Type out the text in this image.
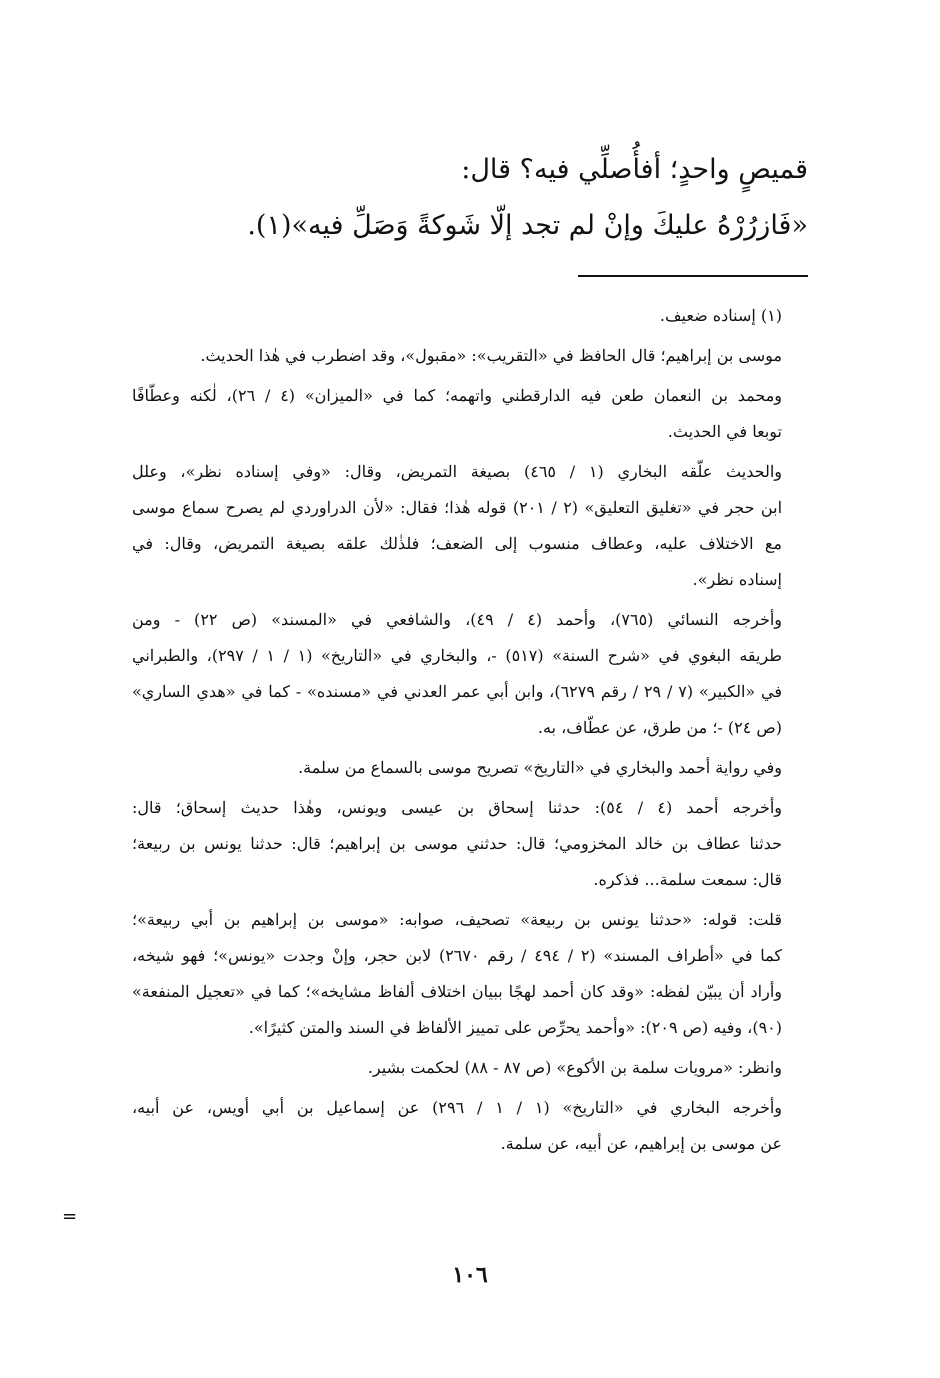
قميصٍ واحدٍ؛ أفأُصلِّي فيه؟ قال:

«فَازرُرْهُ عليكَ وإنْ لم تجد إلّا شَوكةً وَصَلِّ فيه»(١).

(١) إسناده ضعيف.

موسى بن إبراهيم؛ قال الحافظ في «التقريب»: «مقبول»، وقد اضطرب في هٰذا الحديث.

ومحمد بن النعمان طعن فيه الدارقطني واتهمه؛ كما في «الميزان» (٤ / ٢٦)، لٰكنه وعطّافًا
توبعا في الحديث.

والحديث علّقه البخاري (١ / ٤٦٥) بصيغة التمريض، وقال: «وفي إسناده نظر»، وعلل
ابن حجر في «تغليق التعليق» (٢ / ٢٠١) قوله هٰذا؛ فقال: «لأن الدراوردي لم يصرح سماع موسى
مع الاختلاف عليه، وعطاف منسوب إلى الضعف؛ فلذٰلك علقه بصيغة التمريض، وقال: في
إسناده نظر».

وأخرجه النسائي (٧٦٥)، وأحمد (٤ / ٤٩)، والشافعي في «المسند» (ص ٢٢) - ومن
طريقه البغوي في «شرح السنة» (٥١٧) -، والبخاري في «التاريخ» (١ / ١ / ٢٩٧)، والطبراني
في «الكبير» (٧ / ٢٩ / رقم ٦٢٧٩)، وابن أبي عمر العدني في «مسنده» - كما في «هدي الساري»
(ص ٢٤) -؛ من طرق، عن عطّاف، به.

وفي رواية أحمد والبخاري في «التاريخ» تصريح موسى بالسماع من سلمة.

وأخرجه أحمد (٤ / ٥٤): حدثنا إسحاق بن عيسى ويونس، وهٰذا حديث إسحاق؛ قال:
حدثنا عطاف بن خالد المخزومي؛ قال: حدثني موسى بن إبراهيم؛ قال: حدثنا يونس بن ربيعة؛
قال: سمعت سلمة... فذكره.

قلت: قوله: «حدثنا يونس بن ربيعة» تصحيف، صوابه: «موسى بن إبراهيم بن أبي ربيعة»؛
كما في «أطراف المسند» (٢ / ٤٩٤ / رقم ٢٦٧٠) لابن حجر، وإنْ وجدت «يونس»؛ فهو شيخه،
وأراد أن يبيّن لفظه: «وقد كان أحمد لهجًا ببيان اختلاف ألفاظ مشايخه»؛ كما في «تعجيل المنفعة»
(٩٠)، وفيه (ص ٢٠٩): «وأحمد يحرِّص على تمييز الألفاظ في السند والمتن كثيرًا».

وانظر: «مرويات سلمة بن الأكوع» (ص ٨٧ - ٨٨) لحكمت بشير.

وأخرجه البخاري في «التاريخ» (١ / ١ / ٢٩٦) عن إسماعيل بن أبي أويس، عن أبيه،
عن موسى بن إبراهيم، عن أبيه، عن سلمة.

=
١٠٦
